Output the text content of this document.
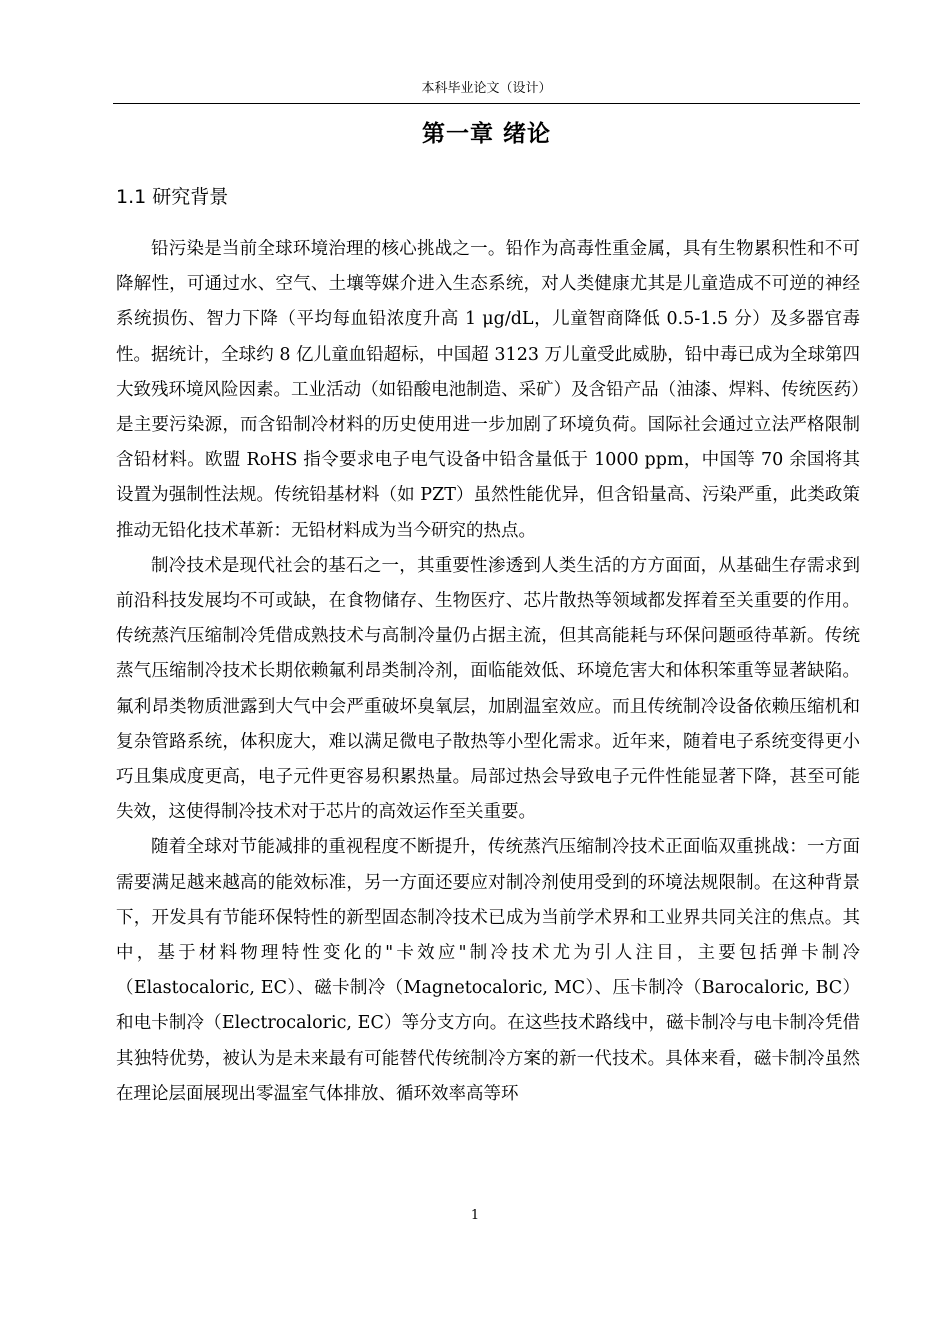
本科毕业论文（设计）
第一章 绪论
1.1 研究背景

铅污染是当前全球环境治理的核心挑战之一。铅作为高毒性重金属，具有生物累积性和不可降解性，可通过水、空气、土壤等媒介进入生态系统，对人类健康尤其是儿童造成不可逆的神经系统损伤、智力下降（平均每血铅浓度升高 1 μg/dL，儿童智商降低 0.5-1.5 分）及多器官毒性。据统计，全球约 8 亿儿童血铅超标，中国超 3123 万儿童受此威胁，铅中毒已成为全球第四大致残环境风险因素。工业活动（如铅酸电池制造、采矿）及含铅产品（油漆、焊料、传统医药）是主要污染源，而含铅制冷材料的历史使用进一步加剧了环境负荷。国际社会通过立法严格限制含铅材料。欧盟 RoHS 指令要求电子电气设备中铅含量低于 1000 ppm，中国等 70 余国将其设置为强制性法规。传统铅基材料（如 PZT）虽然性能优异，但含铅量高、污染严重，此类政策推动无铅化技术革新：无铅材料成为当今研究的热点。

制冷技术是现代社会的基石之一，其重要性渗透到人类生活的方方面面，从基础生存需求到前沿科技发展均不可或缺，在食物储存、生物医疗、芯片散热等领域都发挥着至关重要的作用。传统蒸汽压缩制冷凭借成熟技术与高制冷量仍占据主流，但其高能耗与环保问题亟待革新。传统蒸气压缩制冷技术长期依赖氟利昂类制冷剂，面临能效低、环境危害大和体积笨重等显著缺陷。氟利昂类物质泄露到大气中会严重破坏臭氧层，加剧温室效应。而且传统制冷设备依赖压缩机和复杂管路系统，体积庞大，难以满足微电子散热等小型化需求。近年来，随着电子系统变得更小巧且集成度更高，电子元件更容易积累热量。局部过热会导致电子元件性能显著下降，甚至可能失效，这使得制冷技术对于芯片的高效运作至关重要。

随着全球对节能减排的重视程度不断提升，传统蒸汽压缩制冷技术正面临双重挑战：一方面需要满足越来越高的能效标准，另一方面还要应对制冷剂使用受到的环境法规限制。在这种背景下，开发具有节能环保特性的新型固态制冷技术已成为当前学术界和工业界共同关注的焦点。其中，基于材料物理特性变化的"卡效应"制冷技术尤为引人注目，主要包括弹卡制冷（Elastocaloric, EC）、磁卡制冷（Magnetocaloric, MC）、压卡制冷（Barocaloric, BC）和电卡制冷（Electrocaloric, EC）等分支方向。在这些技术路线中，磁卡制冷与电卡制冷凭借其独特优势，被认为是未来最有可能替代传统制冷方案的新一代技术。具体来看，磁卡制冷虽然在理论层面展现出零温室气体排放、循环效率高等环

1
